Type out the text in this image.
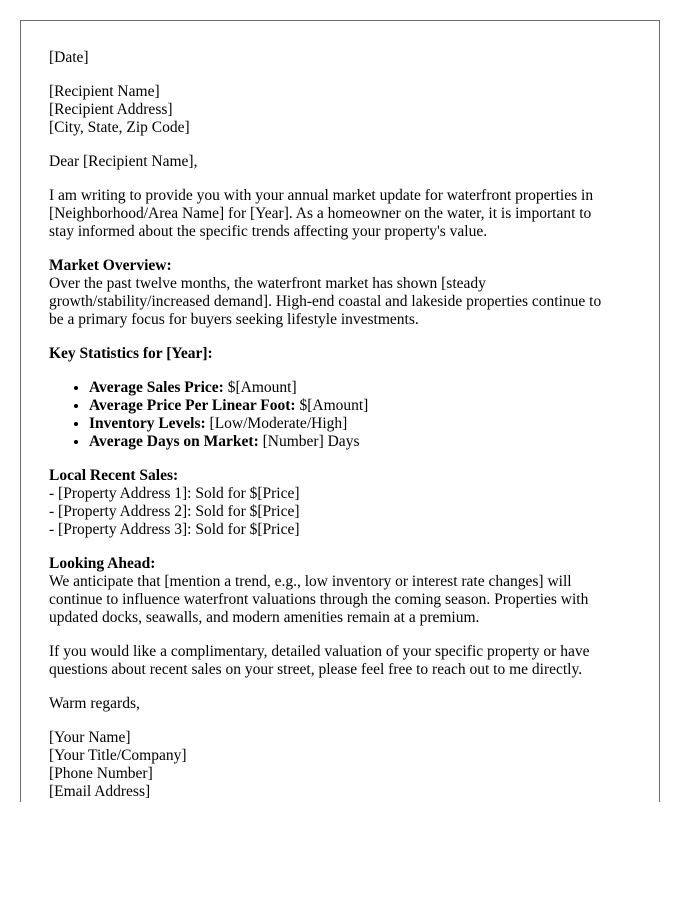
[Date]

[Recipient Name]
[Recipient Address]
[City, State, Zip Code]

Dear [Recipient Name],

I am writing to provide you with your annual market update for waterfront properties in
[Neighborhood/Area Name] for [Year]. As a homeowner on the water, it is important to
stay informed about the specific trends affecting your property's value.
Market Overview:
Over the past twelve months, the waterfront market has shown [steady
growth/stability/increased demand]. High-end coastal and lakeside properties continue to
be a primary focus for buyers seeking lifestyle investments.
Key Statistics for [Year]:
• Average Sales Price: $[Amount]
• Average Price Per Linear Foot: $[Amount]
• Inventory Levels: [Low/Moderate/High]
• Average Days on Market: [Number] Days
Local Recent Sales:
- [Property Address 1]: Sold for $[Price]
- [Property Address 2]: Sold for $[Price]
- [Property Address 3]: Sold for $[Price]
Looking Ahead:
We anticipate that [mention a trend, e.g., low inventory or interest rate changes] will
continue to influence waterfront valuations through the coming season. Properties with
updated docks, seawalls, and modern amenities remain at a premium.
If you would like a complimentary, detailed valuation of your specific property or have
questions about recent sales on your street, please feel free to reach out to me directly.

Warm regards,

[Your Name]
[Your Title/Company]
[Phone Number]
[Email Address]
